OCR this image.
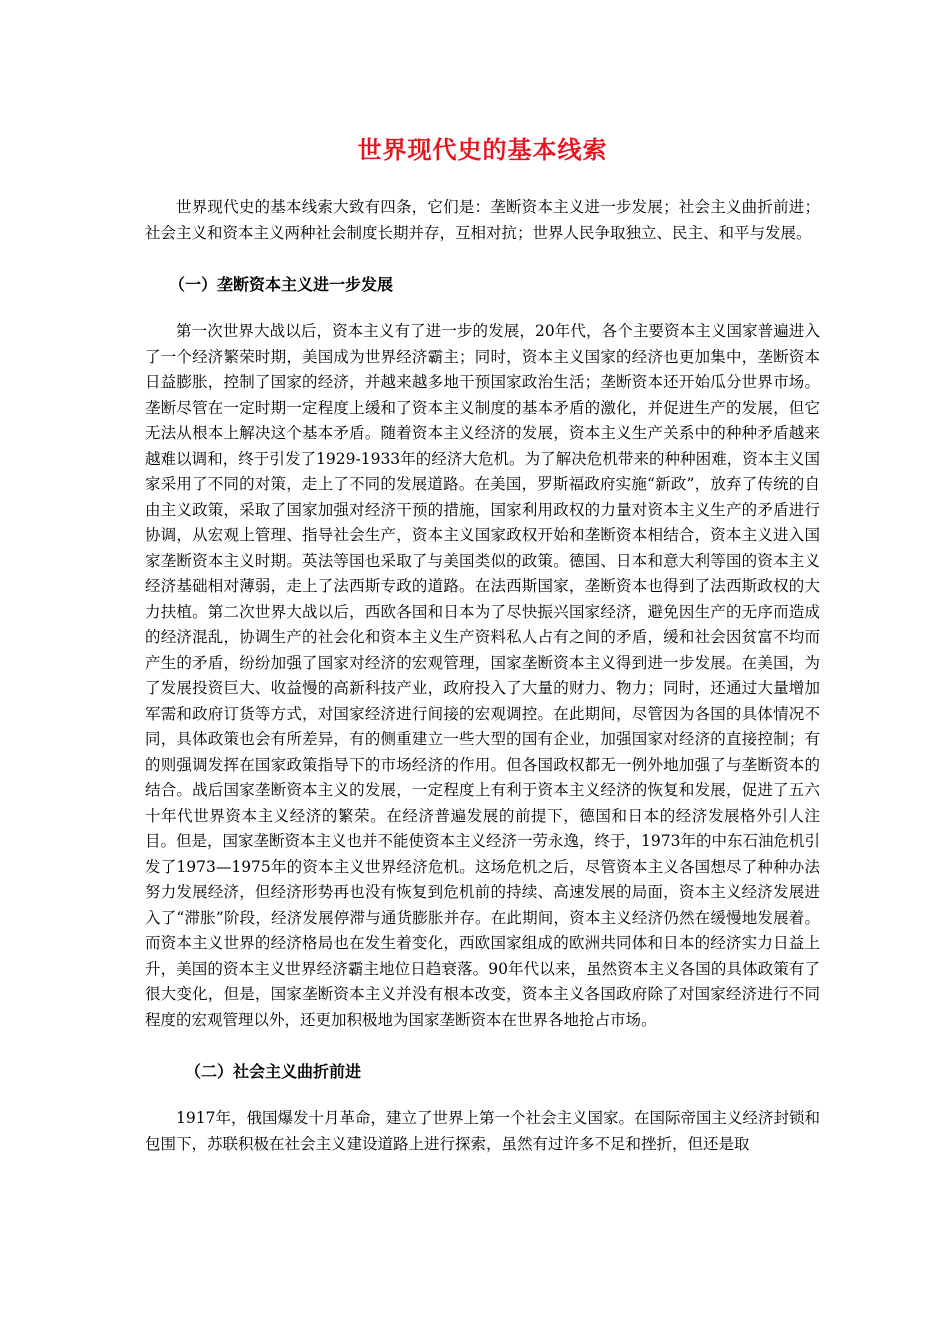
世界现代史的基本线索

世界现代史的基本线索大致有四条，它们是：垄断资本主义进一步发展；社会主义曲折前进；社会主义和资本主义两种社会制度长期并存，互相对抗；世界人民争取独立、民主、和平与发展。

（一）垄断资本主义进一步发展

第一次世界大战以后，资本主义有了进一步的发展，20年代，各个主要资本主义国家普遍进入了一个经济繁荣时期，美国成为世界经济霸主；同时，资本主义国家的经济也更加集中，垄断资本日益膨胀，控制了国家的经济，并越来越多地干预国家政治生活；垄断资本还开始瓜分世界市场。垄断尽管在一定时期一定程度上缓和了资本主义制度的基本矛盾的激化，并促进生产的发展，但它无法从根本上解决这个基本矛盾。随着资本主义经济的发展，资本主义生产关系中的种种矛盾越来越难以调和，终于引发了1929-1933年的经济大危机。为了解决危机带来的种种困难，资本主义国家采用了不同的对策，走上了不同的发展道路。在美国，罗斯福政府实施“新政”，放弃了传统的自由主义政策，采取了国家加强对经济干预的措施，国家利用政权的力量对资本主义生产的矛盾进行协调，从宏观上管理、指导社会生产，资本主义国家政权开始和垄断资本相结合，资本主义进入国家垄断资本主义时期。英法等国也采取了与美国类似的政策。德国、日本和意大利等国的资本主义经济基础相对薄弱，走上了法西斯专政的道路。在法西斯国家，垄断资本也得到了法西斯政权的大力扶植。第二次世界大战以后，西欧各国和日本为了尽快振兴国家经济，避免因生产的无序而造成的经济混乱，协调生产的社会化和资本主义生产资料私人占有之间的矛盾，缓和社会因贫富不均而产生的矛盾，纷纷加强了国家对经济的宏观管理，国家垄断资本主义得到进一步发展。在美国，为了发展投资巨大、收益慢的高新科技产业，政府投入了大量的财力、物力；同时，还通过大量增加军需和政府订货等方式，对国家经济进行间接的宏观调控。在此期间，尽管因为各国的具体情况不同，具体政策也会有所差异，有的侧重建立一些大型的国有企业，加强国家对经济的直接控制；有的则强调发挥在国家政策指导下的市场经济的作用。但各国政权都无一例外地加强了与垄断资本的结合。战后国家垄断资本主义的发展，一定程度上有利于资本主义经济的恢复和发展，促进了五六十年代世界资本主义经济的繁荣。在经济普遍发展的前提下，德国和日本的经济发展格外引人注目。但是，国家垄断资本主义也并不能使资本主义经济一劳永逸，终于，1973年的中东石油危机引发了1973—1975年的资本主义世界经济危机。这场危机之后，尽管资本主义各国想尽了种种办法努力发展经济，但经济形势再也没有恢复到危机前的持续、高速发展的局面，资本主义经济发展进入了“滞胀”阶段，经济发展停滞与通货膨胀并存。在此期间，资本主义经济仍然在缓慢地发展着。而资本主义世界的经济格局也在发生着变化，西欧国家组成的欧洲共同体和日本的经济实力日益上升，美国的资本主义世界经济霸主地位日趋衰落。90年代以来，虽然资本主义各国的具体政策有了很大变化，但是，国家垄断资本主义并没有根本改变，资本主义各国政府除了对国家经济进行不同程度的宏观管理以外，还更加积极地为国家垄断资本在世界各地抢占市场。

（二）社会主义曲折前进

1917年，俄国爆发十月革命，建立了世界上第一个社会主义国家。在国际帝国主义经济封锁和包围下，苏联积极在社会主义建设道路上进行探索，虽然有过许多不足和挫折，但还是取
